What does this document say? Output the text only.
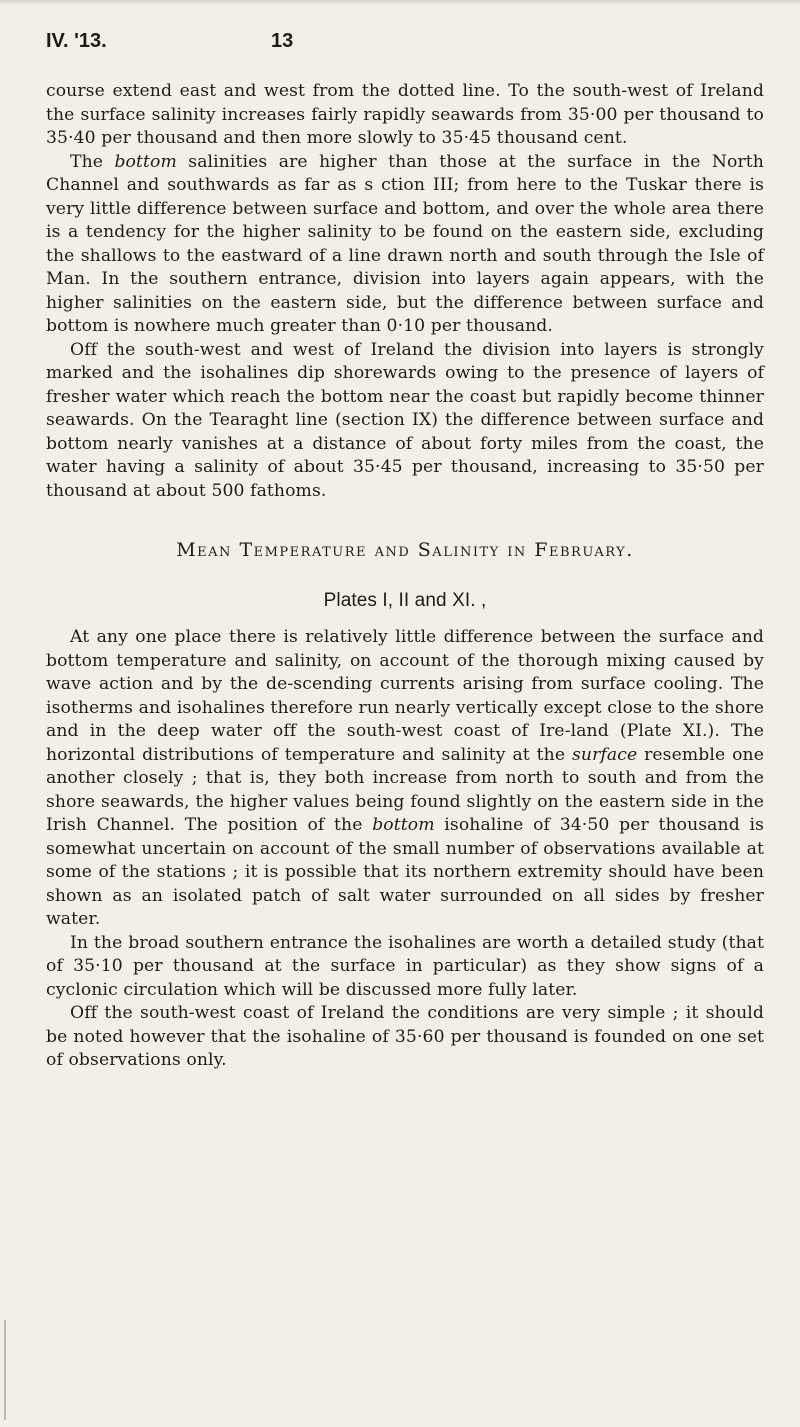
IV. '13.	13

course extend east and west from the dotted line. To the south-west of Ireland the surface salinity increases fairly rapidly seawards from 35·00 per thousand to 35·40 per thousand and then more slowly to 35·45 thousand cent.

The bottom salinities are higher than those at the surface in the North Channel and southwards as far as s ction III; from here to the Tuskar there is very little difference between surface and bottom, and over the whole area there is a tendency for the higher salinity to be found on the eastern side, excluding the shallows to the eastward of a line drawn north and south through the Isle of Man. In the southern entrance, division into layers again appears, with the higher salinities on the eastern side, but the difference between surface and bottom is nowhere much greater than 0·10 per thousand.

Off the south-west and west of Ireland the division into layers is strongly marked and the isohalines dip shorewards owing to the presence of layers of fresher water which reach the bottom near the coast but rapidly become thinner seawards. On the Tearaght line (section IX) the difference between surface and bottom nearly vanishes at a distance of about forty miles from the coast, the water having a salinity of about 35·45 per thousand, increasing to 35·50 per thousand at about 500 fathoms.

Mean Temperature and Salinity in February.
Plates I, II and XI. ,

At any one place there is relatively little difference between the surface and bottom temperature and salinity, on account of the thorough mixing caused by wave action and by the de-scending currents arising from surface cooling. The isotherms and isohalines therefore run nearly vertically except close to the shore and in the deep water off the south-west coast of Ire-land (Plate XI.). The horizontal distributions of temperature and salinity at the surface resemble one another closely ; that is, they both increase from north to south and from the shore seawards, the higher values being found slightly on the eastern side in the Irish Channel. The position of the bottom isohaline of 34·50 per thousand is somewhat uncertain on account of the small number of observations available at some of the stations ; it is possible that its northern extremity should have been shown as an isolated patch of salt water surrounded on all sides by fresher water.

In the broad southern entrance the isohalines are worth a detailed study (that of 35·10 per thousand at the surface in particular) as they show signs of a cyclonic circulation which will be discussed more fully later.

Off the south-west coast of Ireland the conditions are very simple ; it should be noted however that the isohaline of 35·60 per thousand is founded on one set of observations only.
